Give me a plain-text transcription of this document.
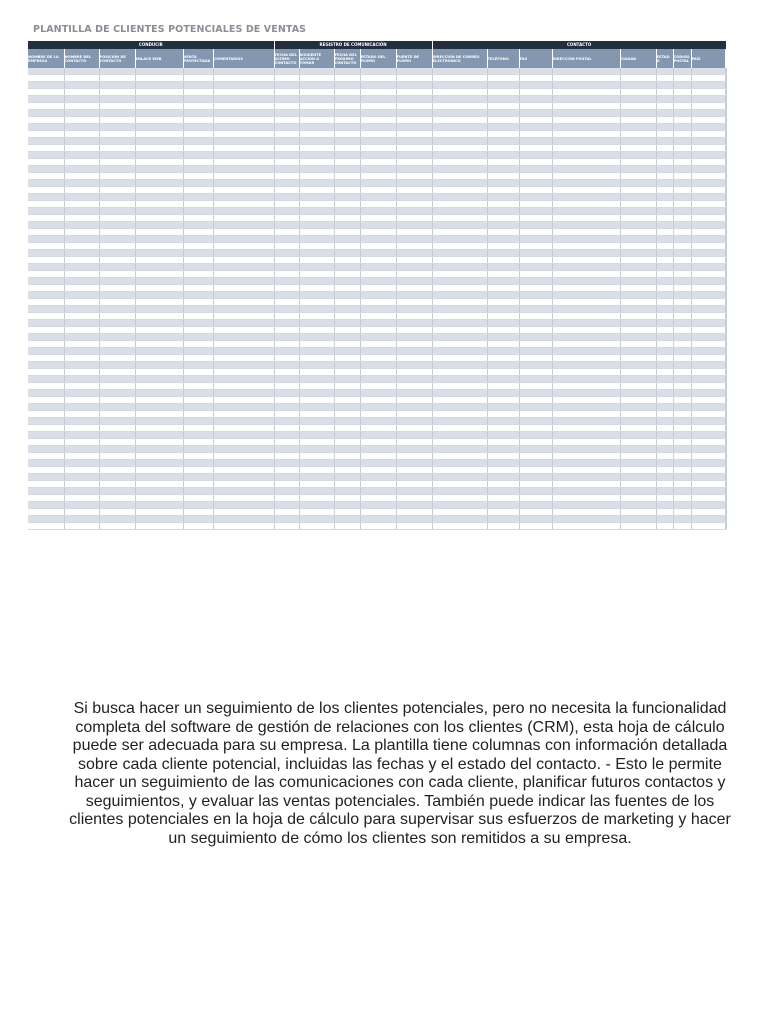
PLANTILLA DE CLIENTES POTENCIALES DE VENTAS
CONDUCIR						REGISTRO DE COMUNICACIÓN					CONTACTO								
NOMBRE DE LA EMPRESA	NOMBRE DEL CONTACTO	POSICIÓN DE CONTACTO	ENLACE WEB	VENTA PROYECTADA	COMENTARIOS	FECHA DEL ÚLTIMO CONTACTO	SIGUIENTE ACCIÓN A TOMAR	FECHA DEL PRÓXIMO CONTACTO	ESTADO DEL PLOMO	FUENTE DE PLOMO	DIRECCIÓN DE CORREO ELECTRÓNICO	TELÉFONO	FAX	DIRECCIÓN POSTAL	CIUDAD	ESTADO	CÓDIGO POSTAL	PAÍS	

Si busca hacer un seguimiento de los clientes potenciales, pero no necesita la funcionalidad completa del software de gestión de relaciones con los clientes (CRM), esta hoja de cálculo puede ser adecuada para su empresa. La plantilla tiene columnas con información detallada sobre cada cliente potencial, incluidas las fechas y el estado del contacto. - Esto le permite hacer un seguimiento de las comunicaciones con cada cliente, planificar futuros contactos y seguimientos, y evaluar las ventas potenciales. También puede indicar las fuentes de los clientes potenciales en la hoja de cálculo para supervisar sus esfuerzos de marketing y hacer un seguimiento de cómo los clientes son remitidos a su empresa.
